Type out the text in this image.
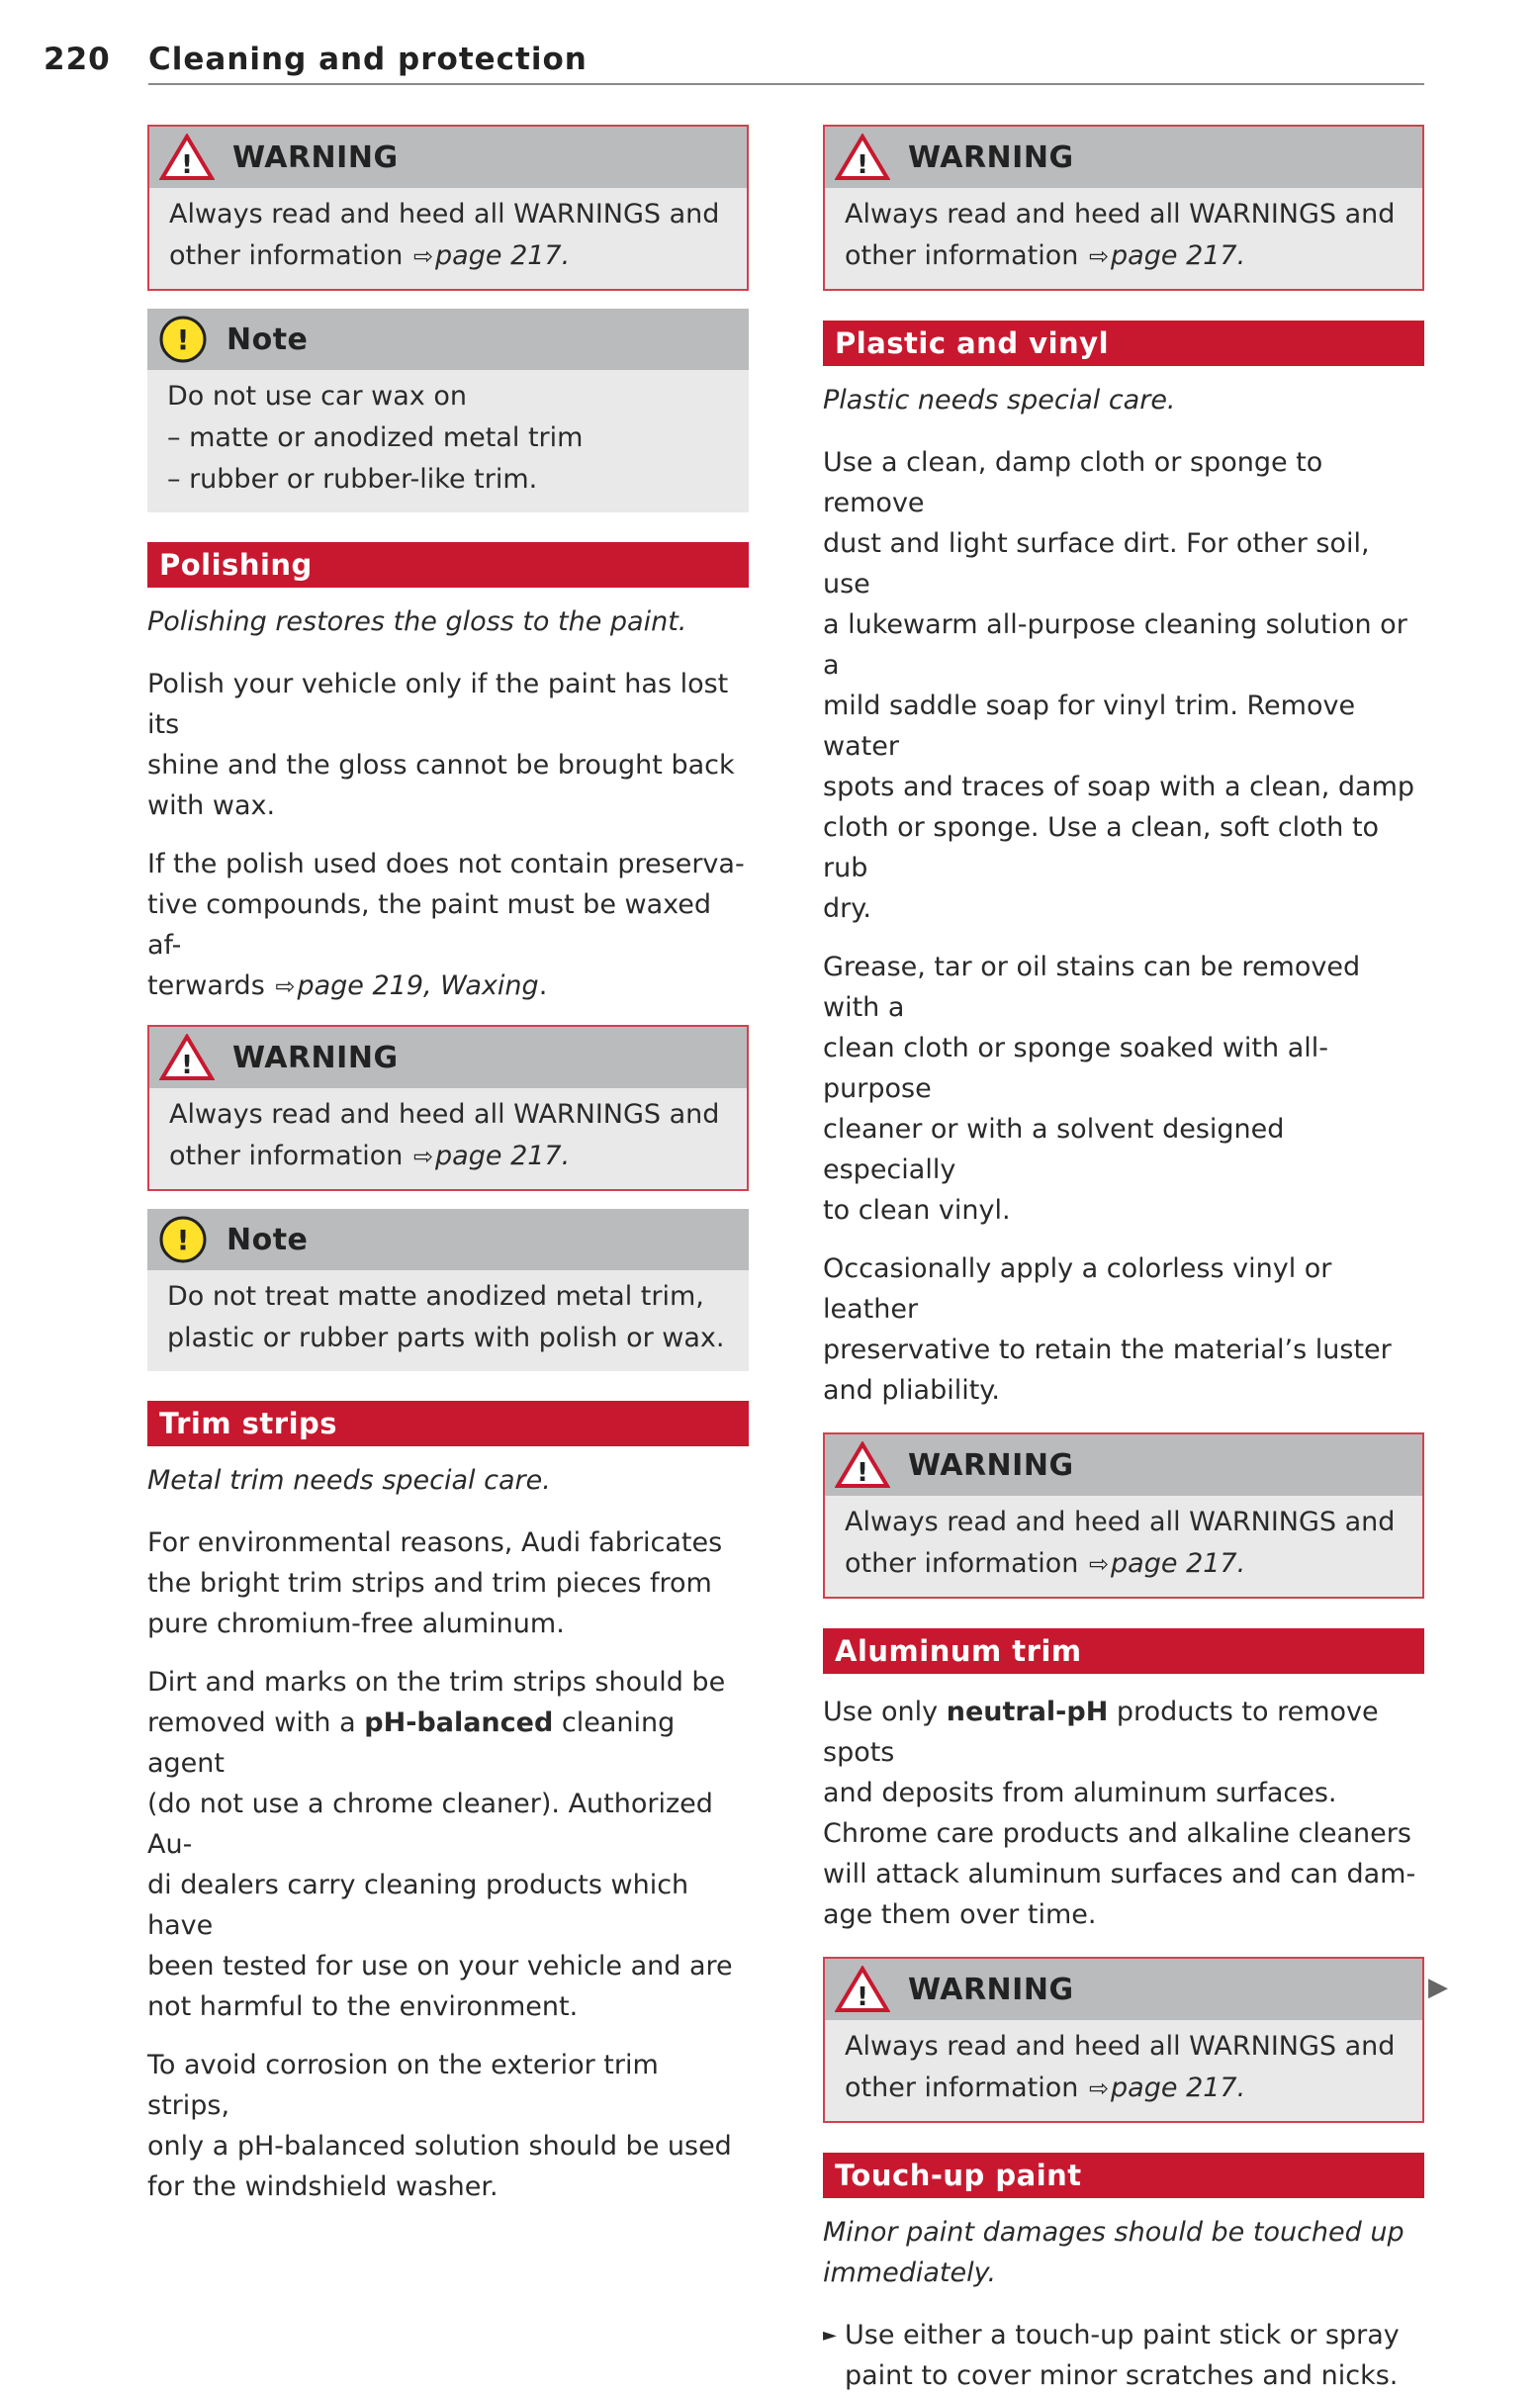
220 Cleaning and protection
! WARNING
Always read and heed all WARNINGS and
other information ⇨page 217.
! Note
Do not use car wax on
– matte or anodized metal trim
– rubber or rubber-like trim.
Polishing
Polishing restores the gloss to the paint.
Polish your vehicle only if the paint has lost its
shine and the gloss cannot be brought back
with wax.
If the polish used does not contain preserva-
tive compounds, the paint must be waxed af-
terwards ⇨page 219, Waxing.
! WARNING
Always read and heed all WARNINGS and
other information ⇨page 217.
! Note
Do not treat matte anodized metal trim,
plastic or rubber parts with polish or wax.
Trim strips
Metal trim needs special care.
For environmental reasons, Audi fabricates
the bright trim strips and trim pieces from
pure chromium-free aluminum.
Dirt and marks on the trim strips should be
removed with a pH-balanced cleaning agent
(do not use a chrome cleaner). Authorized Au-
di dealers carry cleaning products which have
been tested for use on your vehicle and are
not harmful to the environment.
To avoid corrosion on the exterior trim strips,
only a pH-balanced solution should be used
for the windshield washer.
! WARNING
Always read and heed all WARNINGS and
other information ⇨page 217.
Plastic and vinyl
Plastic needs special care.
Use a clean, damp cloth or sponge to remove
dust and light surface dirt. For other soil, use
a lukewarm all-purpose cleaning solution or a
mild saddle soap for vinyl trim. Remove water
spots and traces of soap with a clean, damp
cloth or sponge. Use a clean, soft cloth to rub
dry.
Grease, tar or oil stains can be removed with a
clean cloth or sponge soaked with all-purpose
cleaner or with a solvent designed especially
to clean vinyl.
Occasionally apply a colorless vinyl or leather
preservative to retain the material’s luster
and pliability.
! WARNING
Always read and heed all WARNINGS and
other information ⇨page 217.
Aluminum trim
Use only neutral-pH products to remove spots
and deposits from aluminum surfaces.
Chrome care products and alkaline cleaners
will attack aluminum surfaces and can dam-
age them over time.
! WARNING
Always read and heed all WARNINGS and
other information ⇨page 217.
Touch-up paint
Minor paint damages should be touched up
immediately.
► Use either a touch-up paint stick or spray
paint to cover minor scratches and nicks.
▶
